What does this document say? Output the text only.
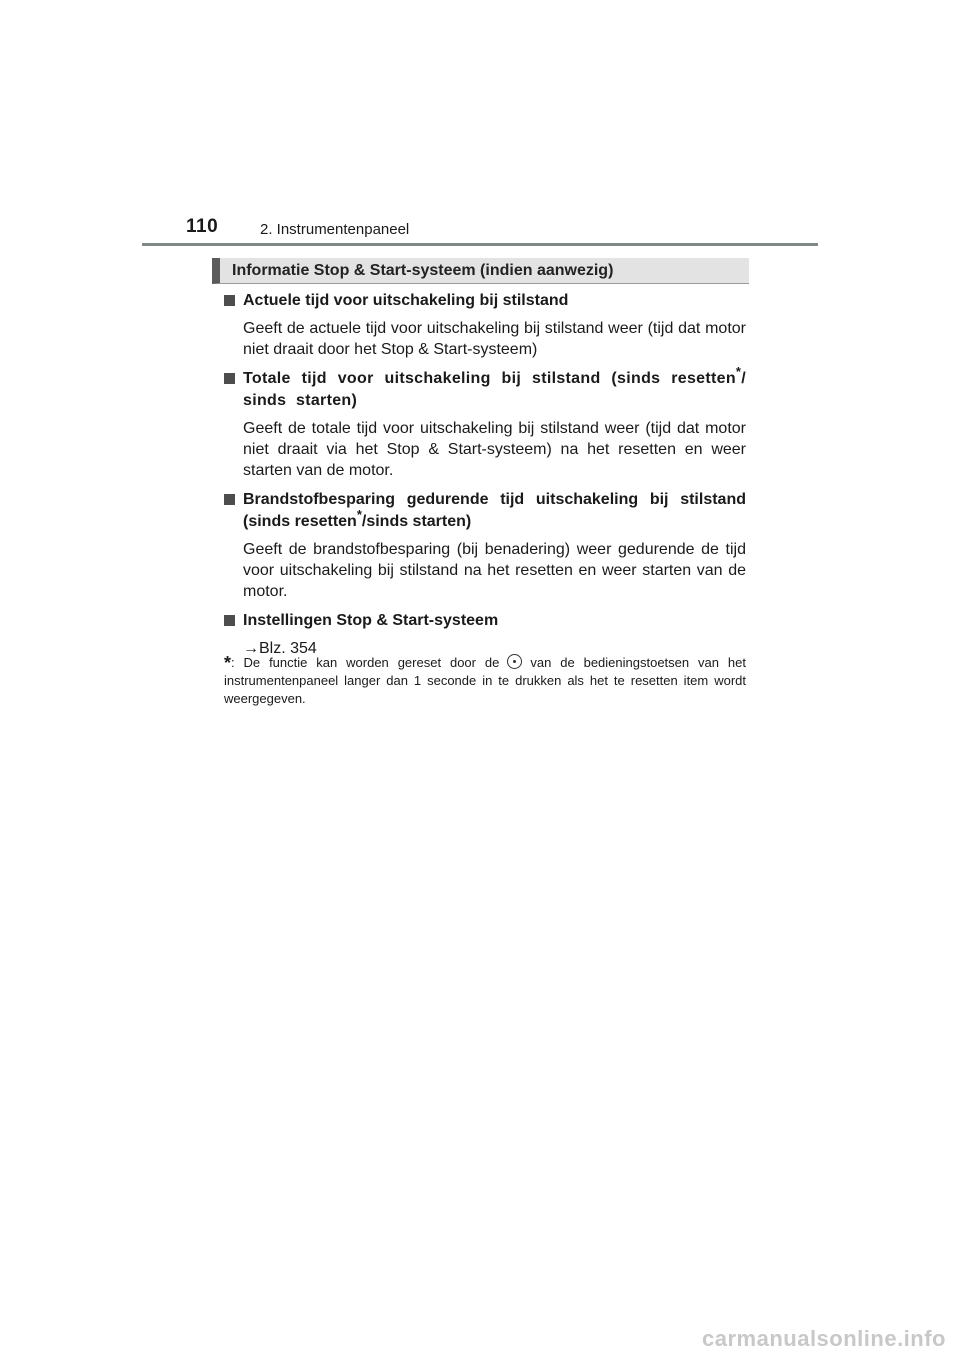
110	2. Instrumentenpaneel
Informatie Stop & Start-systeem (indien aanwezig)
Actuele tijd voor uitschakeling bij stilstand
Geeft de actuele tijd voor uitschakeling bij stilstand weer (tijd dat motor niet draait door het Stop & Start-systeem)
Totale tijd voor uitschakeling bij stilstand (sinds resetten*/ sinds starten)
Geeft de totale tijd voor uitschakeling bij stilstand weer (tijd dat motor niet draait via het Stop & Start-systeem) na het resetten en weer starten van de motor.
Brandstofbesparing gedurende tijd uitschakeling bij stilstand (sinds resetten*/sinds starten)
Geeft de brandstofbesparing (bij benadering) weer gedurende de tijd voor uitschakeling bij stilstand na het resetten en weer starten van de motor.
Instellingen Stop & Start-systeem
→Blz. 354
*: De functie kan worden gereset door de van de bedieningstoetsen van het instrumentenpaneel langer dan 1 seconde in te drukken als het te resetten item wordt weergegeven.
carmanualsonline.info
